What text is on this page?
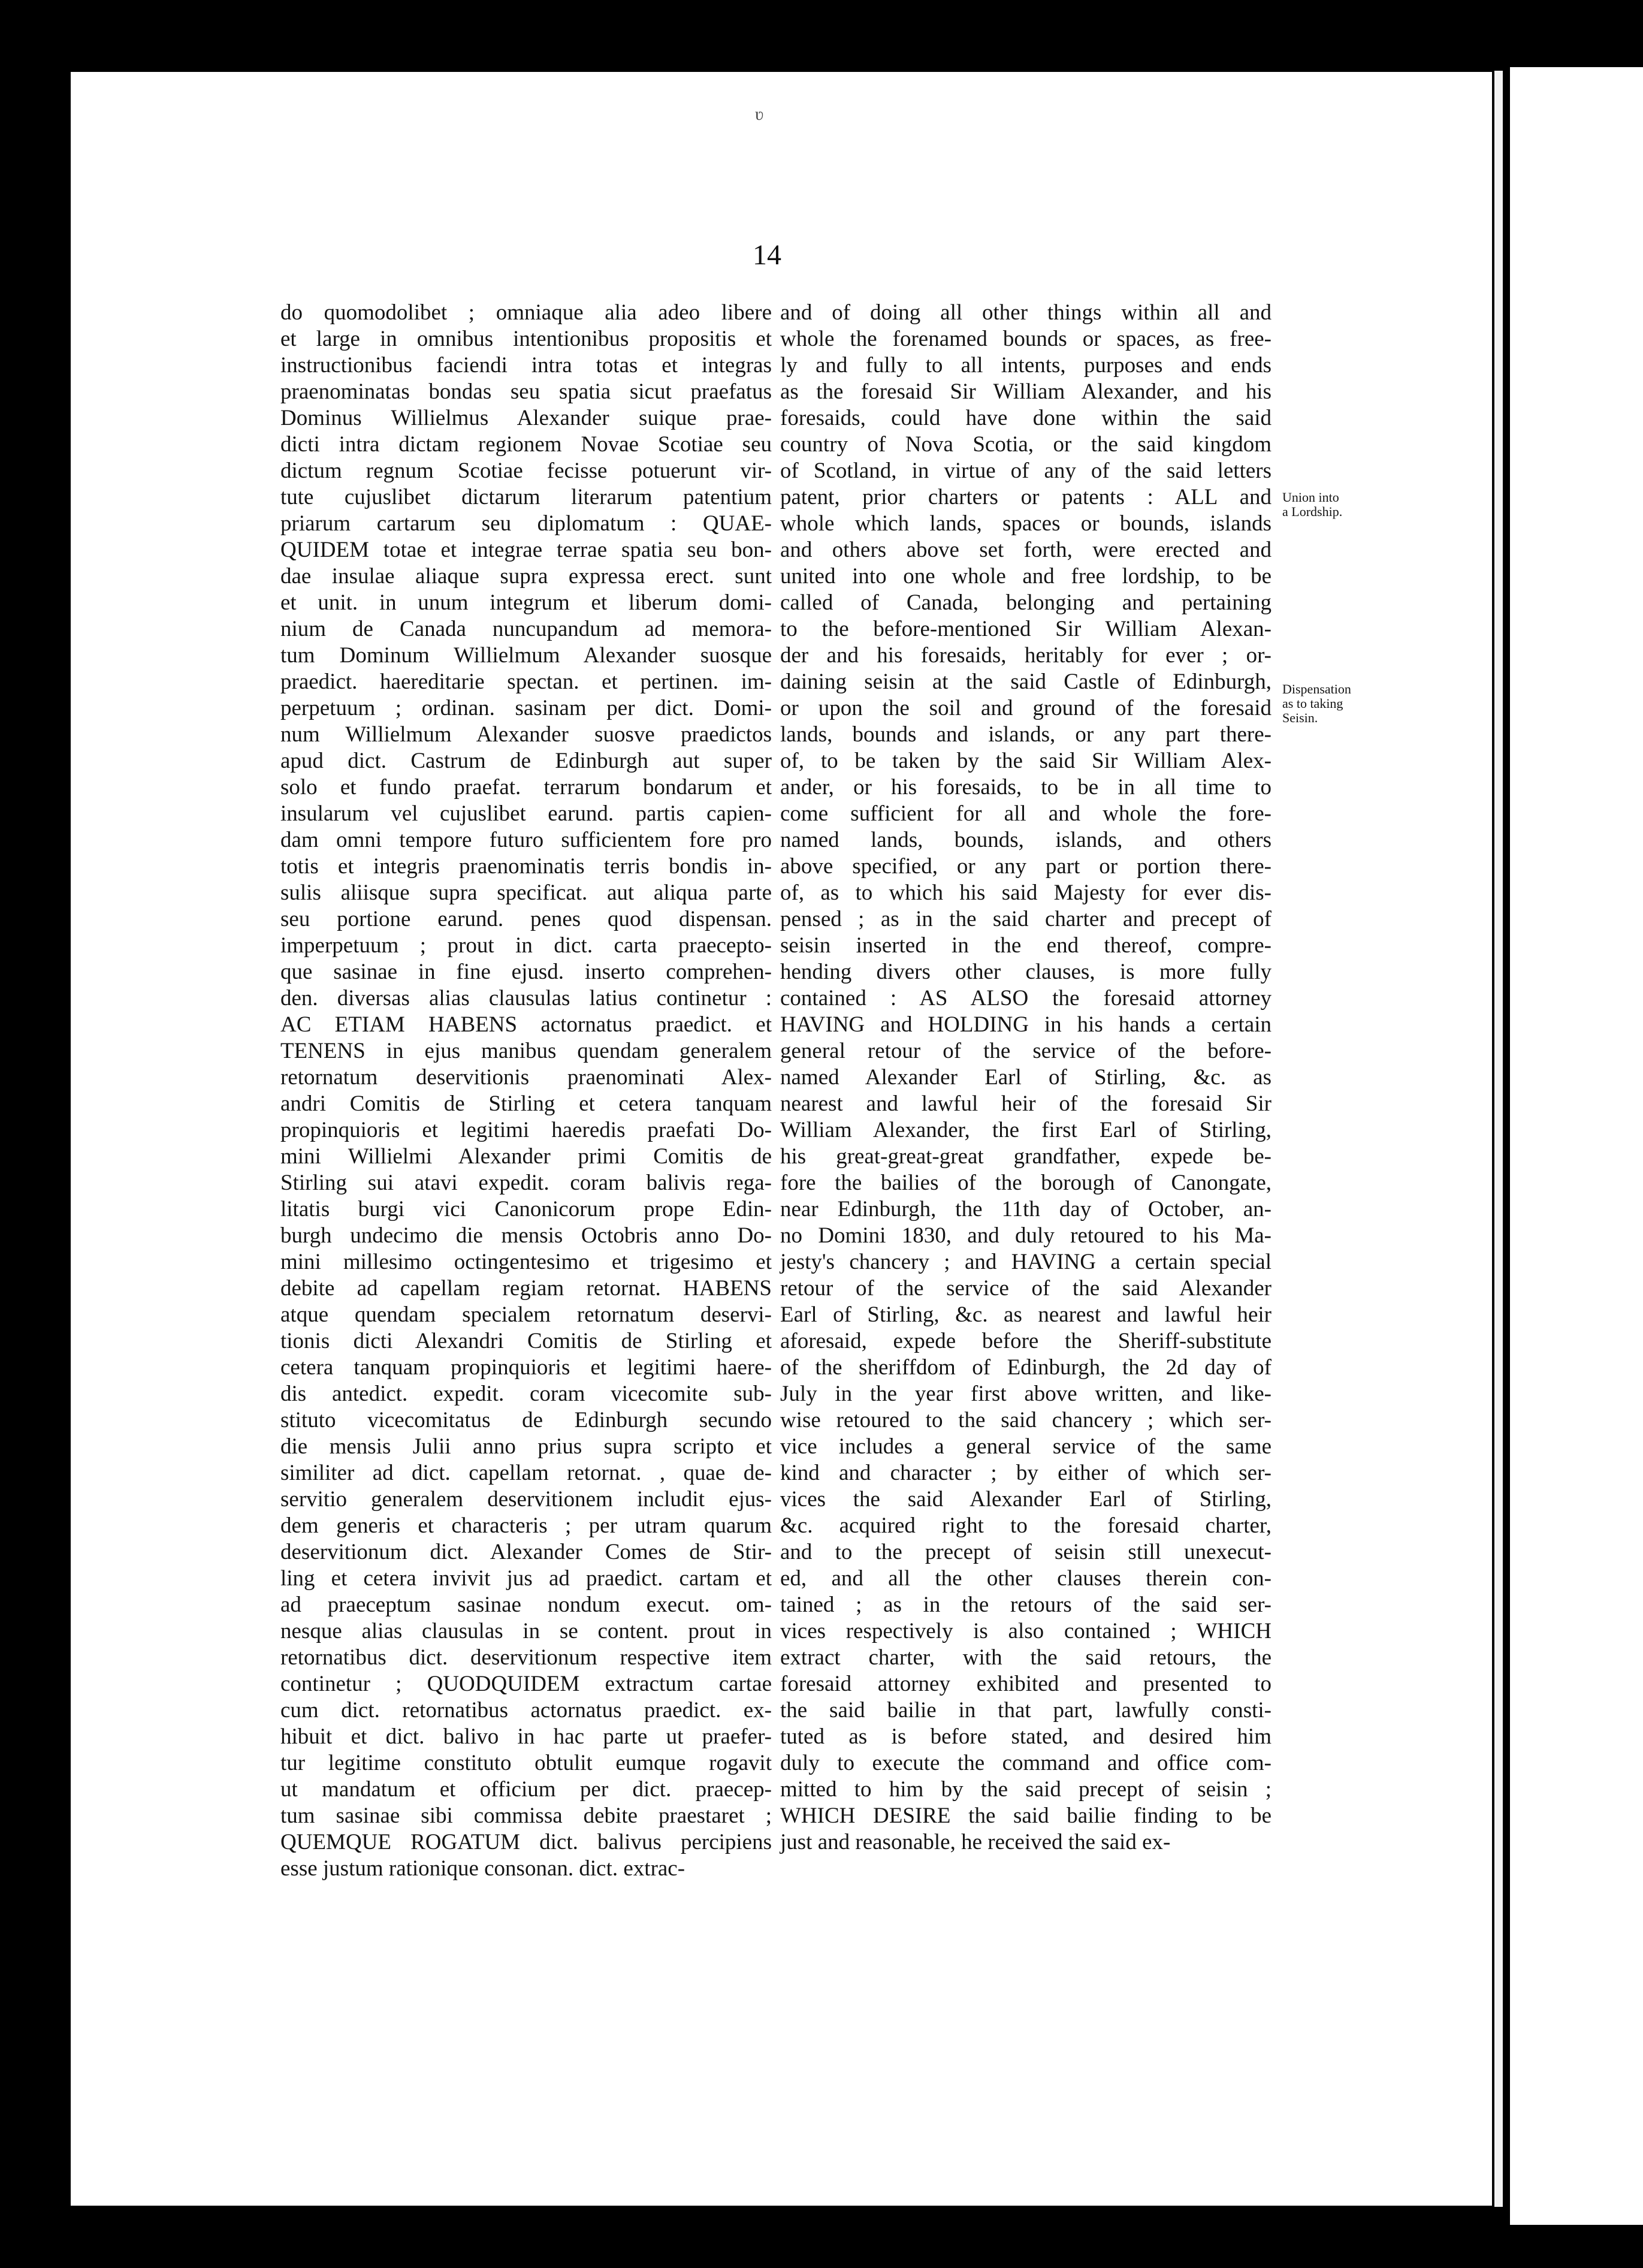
ʋ
14
do quomodolibet ; omniaque alia adeo libere
et large in omnibus intentionibus propositis et
instructionibus faciendi intra totas et integras
praenominatas bondas seu spatia sicut praefatus
Dominus Willielmus Alexander suique prae-
dicti intra dictam regionem Novae Scotiae seu
dictum regnum Scotiae fecisse potuerunt vir-
tute cujuslibet dictarum literarum patentium
priarum cartarum seu diplomatum : QUAE-
QUIDEM totae et integrae terrae spatia seu bon-
dae insulae aliaque supra expressa erect. sunt
et unit. in unum integrum et liberum domi-
nium de Canada nuncupandum ad memora-
tum Dominum Willielmum Alexander suosque
praedict. haereditarie spectan. et pertinen. im-
perpetuum ; ordinan. sasinam per dict. Domi-
num Willielmum Alexander suosve praedictos
apud dict. Castrum de Edinburgh aut super
solo et fundo praefat. terrarum bondarum et
insularum vel cujuslibet earund. partis capien-
dam omni tempore futuro sufficientem fore pro
totis et integris praenominatis terris bondis in-
sulis aliisque supra specificat. aut aliqua parte
seu portione earund. penes quod dispensan.
imperpetuum ; prout in dict. carta praecepto-
que sasinae in fine ejusd. inserto comprehen-
den. diversas alias clausulas latius continetur :
AC ETIAM HABENS actornatus praedict. et
TENENS in ejus manibus quendam generalem
retornatum deservitionis praenominati Alex-
andri Comitis de Stirling et cetera tanquam
propinquioris et legitimi haeredis praefati Do-
mini Willielmi Alexander primi Comitis de
Stirling sui atavi expedit. coram balivis rega-
litatis burgi vici Canonicorum prope Edin-
burgh undecimo die mensis Octobris anno Do-
mini millesimo octingentesimo et trigesimo et
debite ad capellam regiam retornat. HABENS
atque quendam specialem retornatum deservi-
tionis dicti Alexandri Comitis de Stirling et
cetera tanquam propinquioris et legitimi haere-
dis antedict. expedit. coram vicecomite sub-
stituto vicecomitatus de Edinburgh secundo
die mensis Julii anno prius supra scripto et
similiter ad dict. capellam retornat. , quae de-
servitio generalem deservitionem includit ejus-
dem generis et characteris ; per utram quarum
deservitionum dict. Alexander Comes de Stir-
ling et cetera invivit jus ad praedict. cartam et
ad praeceptum sasinae nondum execut. om-
nesque alias clausulas in se content. prout in
retornatibus dict. deservitionum respective item
continetur ; QUODQUIDEM extractum cartae
cum dict. retornatibus actornatus praedict. ex-
hibuit et dict. balivo in hac parte ut praefer-
tur legitime constituto obtulit eumque rogavit
ut mandatum et officium per dict. praecep-
tum sasinae sibi commissa debite praestaret ;
QUEMQUE ROGATUM dict. balivus percipiens
esse justum rationique consonan. dict. extrac-
and of doing all other things within all and
whole the forenamed bounds or spaces, as free-
ly and fully to all intents, purposes and ends
as the foresaid Sir William Alexander, and his
foresaids, could have done within the said
country of Nova Scotia, or the said kingdom
of Scotland, in virtue of any of the said letters
patent, prior charters or patents : ALL and
whole which lands, spaces or bounds, islands
and others above set forth, were erected and
united into one whole and free lordship, to be
called of Canada, belonging and pertaining
to the before-mentioned Sir William Alexan-
der and his foresaids, heritably for ever ; or-
daining seisin at the said Castle of Edinburgh,
or upon the soil and ground of the foresaid
lands, bounds and islands, or any part there-
of, to be taken by the said Sir William Alex-
ander, or his foresaids, to be in all time to
come sufficient for all and whole the fore-
named lands, bounds, islands, and others
above specified, or any part or portion there-
of, as to which his said Majesty for ever dis-
pensed ; as in the said charter and precept of
seisin inserted in the end thereof, compre-
hending divers other clauses, is more fully
contained : AS ALSO the foresaid attorney
HAVING and HOLDING in his hands a certain
general retour of the service of the before-
named Alexander Earl of Stirling, &c. as
nearest and lawful heir of the foresaid Sir
William Alexander, the first Earl of Stirling,
his great-great-great grandfather, expede be-
fore the bailies of the borough of Canongate,
near Edinburgh, the 11th day of October, an-
no Domini 1830, and duly retoured to his Ma-
jesty's chancery ; and HAVING a certain special
retour of the service of the said Alexander
Earl of Stirling, &c. as nearest and lawful heir
aforesaid, expede before the Sheriff-substitute
of the sheriffdom of Edinburgh, the 2d day of
July in the year first above written, and like-
wise retoured to the said chancery ; which ser-
vice includes a general service of the same
kind and character ; by either of which ser-
vices the said Alexander Earl of Stirling,
&c. acquired right to the foresaid charter,
and to the precept of seisin still unexecut-
ed, and all the other clauses therein con-
tained ; as in the retours of the said ser-
vices respectively is also contained ; WHICH
extract charter, with the said retours, the
foresaid attorney exhibited and presented to
the said bailie in that part, lawfully consti-
tuted as is before stated, and desired him
duly to execute the command and office com-
mitted to him by the said precept of seisin ;
WHICH DESIRE the said bailie finding to be
just and reasonable, he received the said ex-
Union into
a Lordship.
Dispensation
as to taking
Seisin.
